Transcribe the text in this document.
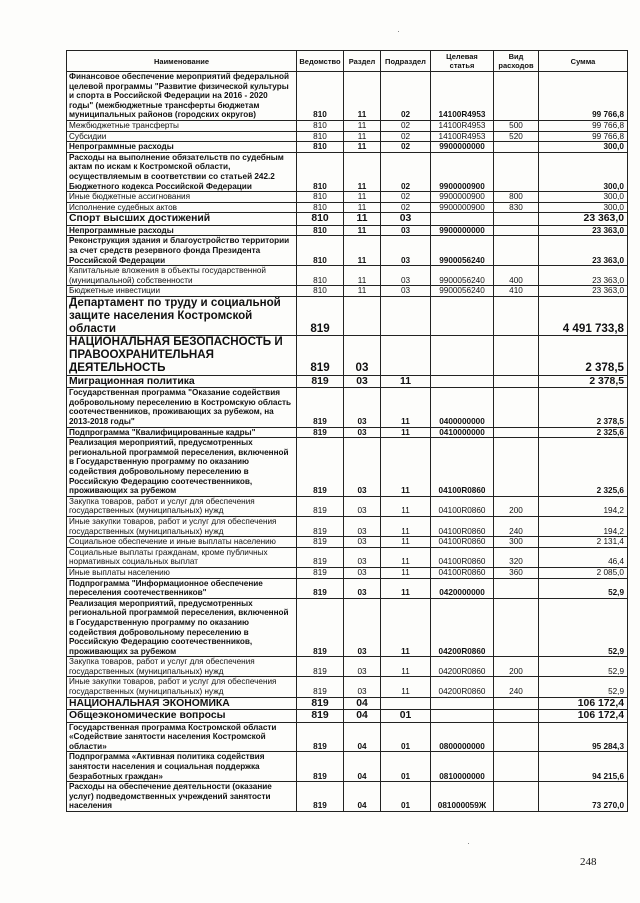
Наименование	Ведомство	Раздел	Подраздел	Целевая статья	Вид расходов	Сумма
Финансовое обеспечение мероприятий федеральной целевой программы "Развитие физической культуры и спорта в Российской Федерации на 2016 - 2020 годы" (межбюджетные трансферты бюджетам муниципальных районов (городских округов)	810	11	02	14100R4953		99 766,8
Межбюджетные трансферты	810	11	02	14100R4953	500	99 766,8
Субсидии	810	11	02	14100R4953	520	99 766,8
Непрограммные расходы	810	11	02	9900000000		300,0
Расходы на выполнение обязательств по судебным актам по искам к Костромской области, осуществляемым в соответствии со статьей 242.2 Бюджетного кодекса Российской Федерации	810	11	02	9900000900		300,0
Иные бюджетные ассигнования	810	11	02	9900000900	800	300,0
Исполнение судебных актов	810	11	02	9900000900	830	300,0
Спорт высших достижений	810	11	03			23 363,0
Непрограммные расходы	810	11	03	9900000000		23 363,0
Реконструкция здания и благоустройство территории за счет средств резервного фонда Президента Российской Федерации	810	11	03	9900056240		23 363,0
Капитальные вложения в объекты государственной (муниципальной) собственности	810	11	03	9900056240	400	23 363,0
Бюджетные инвестиции	810	11	03	9900056240	410	23 363,0
Департамент по труду и социальной защите населения Костромской области	819					4 491 733,8
НАЦИОНАЛЬНАЯ БЕЗОПАСНОСТЬ И ПРАВООХРАНИТЕЛЬНАЯ ДЕЯТЕЛЬНОСТЬ	819	03				2 378,5
Миграционная политика	819	03	11			2 378,5
Государственная программа "Оказание содействия добровольному переселению в Костромскую область соотечественников, проживающих за рубежом, на 2013-2018 годы"	819	03	11	0400000000		2 378,5
Подпрограмма "Квалифицированные кадры"	819	03	11	0410000000		2 325,6
Реализация мероприятий, предусмотренных региональной программой переселения, включенной в Государственную программу по оказанию содействия добровольному переселению в Российскую Федерацию соотечественников, проживающих за рубежом	819	03	11	04100R0860		2 325,6
Закупка товаров, работ и услуг для обеспечения государственных (муниципальных) нужд	819	03	11	04100R0860	200	194,2
Иные закупки товаров, работ и услуг для обеспечения государственных (муниципальных) нужд	819	03	11	04100R0860	240	194,2
Социальное обеспечение и иные выплаты населению	819	03	11	04100R0860	300	2 131,4
Социальные выплаты гражданам, кроме публичных нормативных социальных выплат	819	03	11	04100R0860	320	46,4
Иные выплаты населению	819	03	11	04100R0860	360	2 085,0
Подпрограмма "Информационное обеспечение переселения соотечественников"	819	03	11	0420000000		52,9
Реализация мероприятий, предусмотренных региональной программой переселения, включенной в Государственную программу по оказанию содействия добровольному переселению в Российскую Федерацию соотечественников, проживающих за рубежом	819	03	11	04200R0860		52,9
Закупка товаров, работ и услуг для обеспечения государственных (муниципальных) нужд	819	03	11	04200R0860	200	52,9
Иные закупки товаров, работ и услуг для обеспечения государственных (муниципальных) нужд	819	03	11	04200R0860	240	52,9
НАЦИОНАЛЬНАЯ ЭКОНОМИКА	819	04				106 172,4
Общеэкономические вопросы	819	04	01			106 172,4
Государственная программа Костромской области «Содействие занятости населения Костромской области»	819	04	01	0800000000		95 284,3
Подпрограмма «Активная политика содействия занятости населения и социальная поддержка безработных граждан»	819	04	01	0810000000		94 215,6
Расходы на обеспечение деятельности (оказание услуг) подведомственных учреждений занятости населения	819	04	01	081000059Ж		73 270,0
248
